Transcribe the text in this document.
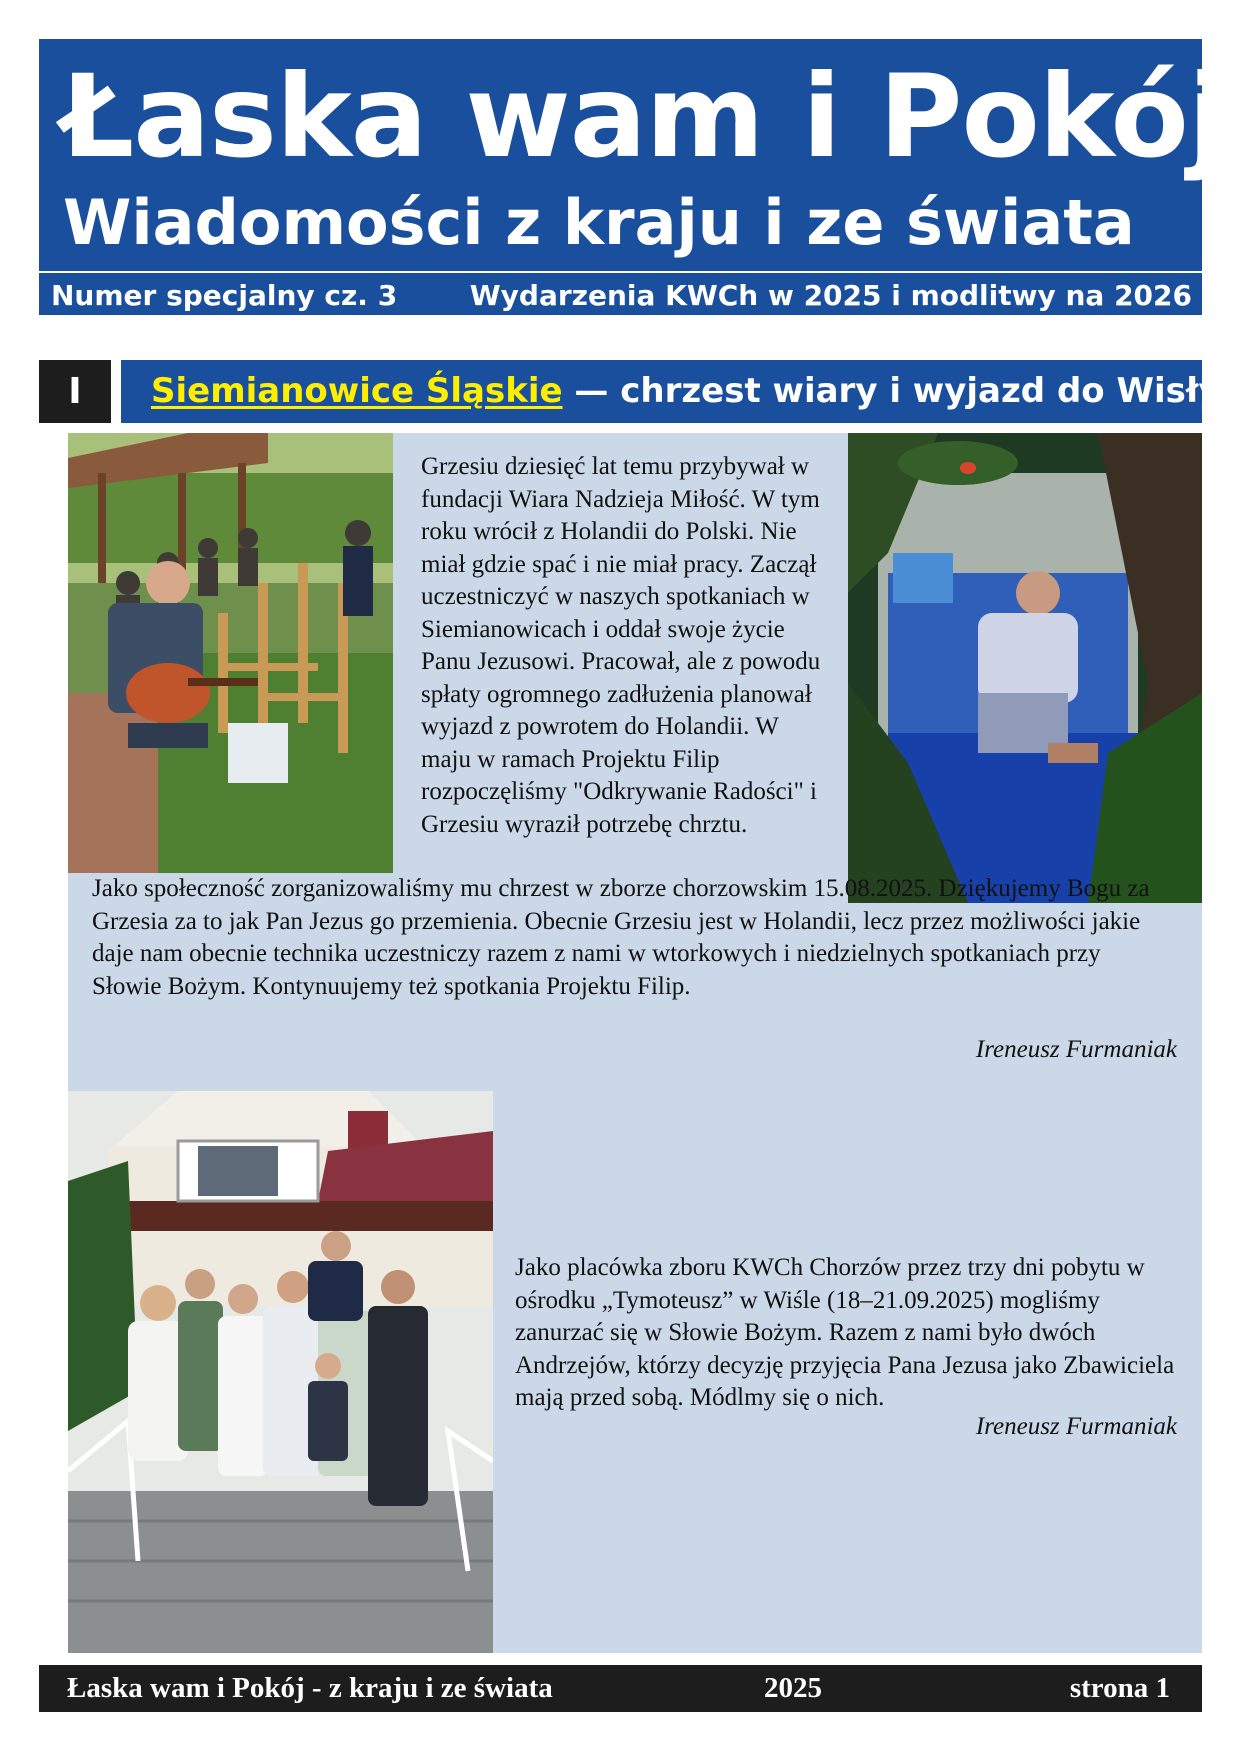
Łaska wam i Pokój
Wiadomości z kraju i ze świata
Numer specjalny cz. 3	Wydarzenia KWCh w 2025 i modlitwy na 2026
I	Siemianowice Śląskie — chrzest wiary i wyjazd do Wisły

Grzesiu dziesięć lat temu przybywał w fundacji Wiara Nadzieja Miłość. W tym roku wrócił z Holandii do Polski. Nie miał gdzie spać i nie miał pracy. Zaczął uczestniczyć w naszych spotkaniach w Siemianowicach i oddał swoje życie Panu Jezusowi. Pracował, ale z powodu spłaty ogromnego zadłużenia planował wyjazd z powrotem do Holandii. W maju w ramach Projektu Filip rozpoczęliśmy "Odkrywanie Radości" i Grzesiu wyraził potrzebę chrztu.

Jako społeczność zorganizowaliśmy mu chrzest w zborze chorzowskim 15.08.2025. Dziękujemy Bogu za Grzesia za to jak Pan Jezus go przemienia. Obecnie Grzesiu jest w Holandii, lecz przez możliwości jakie daje nam obecnie technika uczestniczy razem z nami w wtorkowych i niedzielnych spotkaniach przy Słowie Bożym. Kontynuujemy też spotkania Projektu Filip.

Ireneusz Furmaniak

Jako placówka zboru KWCh Chorzów przez trzy dni pobytu w ośrodku „Tymoteusz” w Wiśle (18–21.09.2025) mogliśmy zanurzać się w Słowie Bożym. Razem z nami było dwóch Andrzejów, którzy decyzję przyjęcia Pana Jezusa jako Zbawiciela mają przed sobą. Módlmy się o nich.

Ireneusz Furmaniak

Łaska wam i Pokój - z kraju i ze świata	2025	strona 1
